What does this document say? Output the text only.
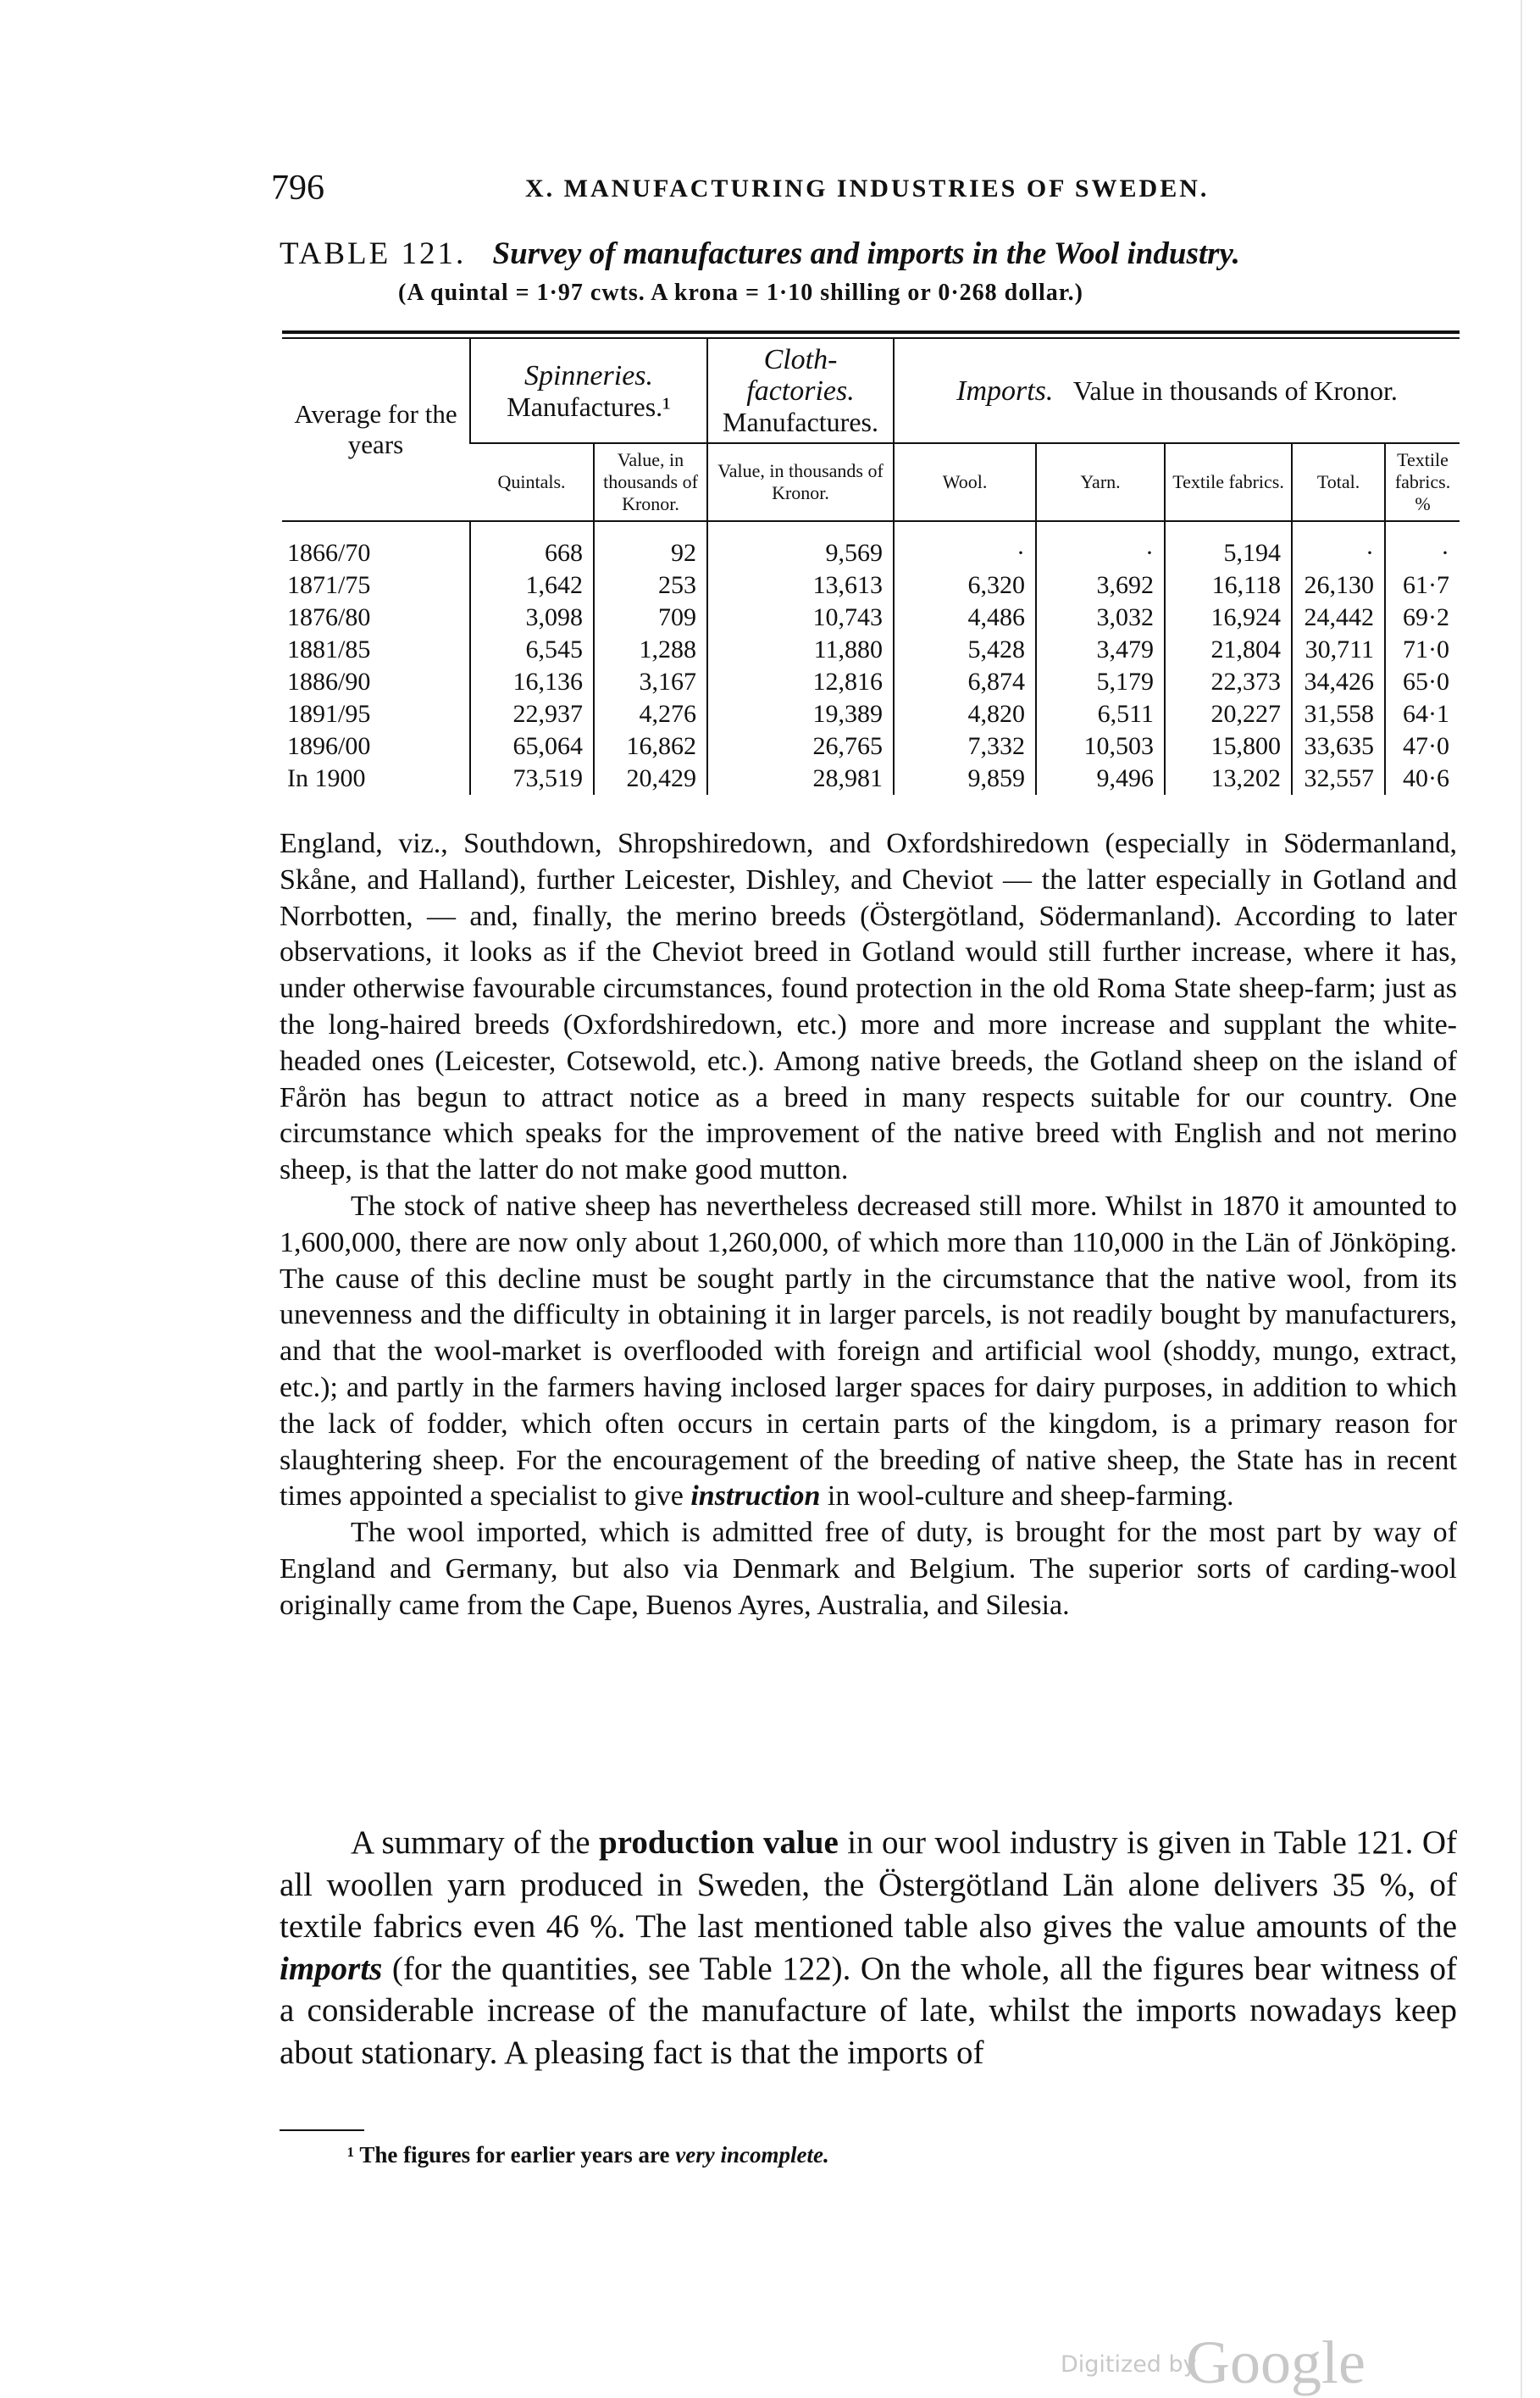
796	X. MANUFACTURING INDUSTRIES OF SWEDEN.
TABLE 121. Survey of manufactures and imports in the Wool industry.
(A quintal = 1·97 cwts. A krona = 1·10 shilling or 0·268 dollar.)
Average for the years	Spinneries.
Manufactures.¹		Cloth-factories.
Manufactures.	Imports. Value in thousands of Kronor.				
	Quintals.	Value, in thousands of Kronor.	Value, in thousands of Kronor.	Wool.	Yarn.	Textile fabrics.	Total.	Textile fabrics. %

1866/70	668	92	9,569	·	·	5,194	·	·
1871/75	1,642	253	13,613	6,320	3,692	16,118	26,130	61·7
1876/80	3,098	709	10,743	4,486	3,032	16,924	24,442	69·2
1881/85	6,545	1,288	11,880	5,428	3,479	21,804	30,711	71·0
1886/90	16,136	3,167	12,816	6,874	5,179	22,373	34,426	65·0
1891/95	22,937	4,276	19,389	4,820	6,511	20,227	31,558	64·1
1896/00	65,064	16,862	26,765	7,332	10,503	15,800	33,635	47·0
In 1900	73,519	20,429	28,981	9,859	9,496	13,202	32,557	40·6

England, viz., Southdown, Shropshiredown, and Oxfordshiredown (especially in Södermanland, Skåne, and Halland), further Leicester, Dishley, and Cheviot — the latter especially in Gotland and Norrbotten, — and, finally, the merino breeds (Östergötland, Södermanland). According to later observations, it looks as if the Cheviot breed in Gotland would still further increase, where it has, under otherwise favourable circumstances, found protection in the old Roma State sheep-farm; just as the long-haired breeds (Oxfordshiredown, etc.) more and more increase and supplant the white-headed ones (Leicester, Cotsewold, etc.). Among native breeds, the Gotland sheep on the island of Fårön has begun to attract notice as a breed in many respects suitable for our country. One circumstance which speaks for the improvement of the native breed with English and not merino sheep, is that the latter do not make good mutton.

The stock of native sheep has nevertheless decreased still more. Whilst in 1870 it amounted to 1,600,000, there are now only about 1,260,000, of which more than 110,000 in the Län of Jönköping. The cause of this decline must be sought partly in the circumstance that the native wool, from its unevenness and the difficulty in obtaining it in larger parcels, is not readily bought by manufacturers, and that the wool-market is overflooded with foreign and artificial wool (shoddy, mungo, extract, etc.); and partly in the farmers having inclosed larger spaces for dairy purposes, in addition to which the lack of fodder, which often occurs in certain parts of the kingdom, is a primary reason for slaughtering sheep. For the encouragement of the breeding of native sheep, the State has in recent times appointed a specialist to give instruction in wool-culture and sheep-farming.

The wool imported, which is admitted free of duty, is brought for the most part by way of England and Germany, but also via Denmark and Belgium. The superior sorts of carding-wool originally came from the Cape, Buenos Ayres, Australia, and Silesia.

A summary of the production value in our wool industry is given in Table 121. Of all woollen yarn produced in Sweden, the Östergötland Län alone delivers 35 %, of textile fabrics even 46 %. The last mentioned table also gives the value amounts of the imports (for the quantities, see Table 122). On the whole, all the figures bear witness of a considerable increase of the manufacture of late, whilst the imports nowadays keep about stationary. A pleasing fact is that the imports of

¹ The figures for earlier years are very incomplete.
Digitized by
Google
